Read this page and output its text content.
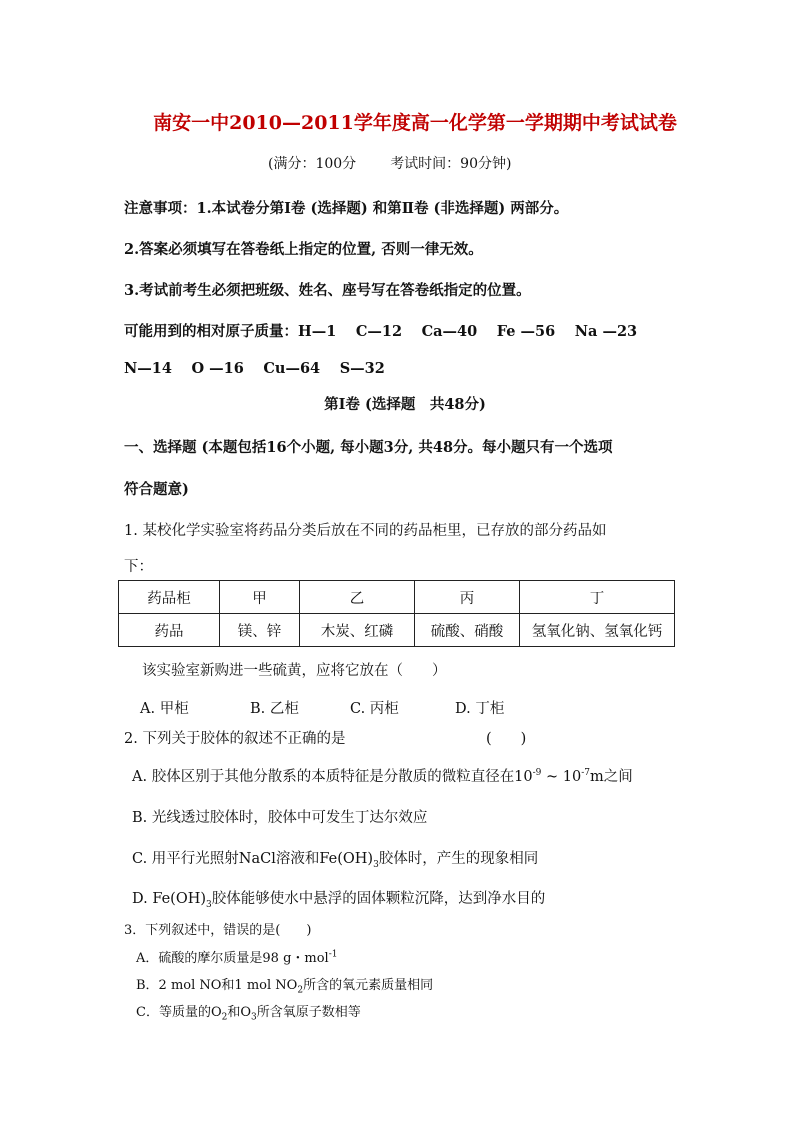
南安一中2010—2011学年度高一化学第一学期期中考试试卷
(满分：100分 考试时间：90分钟)
注意事项：1.本试卷分第Ⅰ卷 (选择题) 和第Ⅱ卷 (非选择题) 两部分。
2.答案必须填写在答卷纸上指定的位置, 否则一律无效。
3.考试前考生必须把班级、姓名、座号写在答卷纸指定的位置。
可能用到的相对原子质量：H—1　 C—12　 Ca—40　 Fe —56　 Na —23
N—14　 O —16　 Cu—64　 S—32
第Ⅰ卷 (选择题　共48分)
一、选择题 (本题包括16个小题, 每小题3分, 共48分。每小题只有一个选项
符合题意)
1. 某校化学实验室将药品分类后放在不同的药品柜里，已存放的部分药品如
下：
药品柜	甲	乙	丙	丁
药品	镁、锌	木炭、红磷	硫酸、硝酸	氢氧化钠、氢氧化钙
该实验室新购进一些硫黄，应将它放在（　　）
A. 甲柜	B. 乙柜	C. 丙柜	D. 丁柜
2. 下列关于胶体的叙述不正确的是	(　　)
A. 胶体区别于其他分散系的本质特征是分散质的微粒直径在$10^{-9}$ ~ $10^{-7}m$之间
B. 光线透过胶体时，胶体中可发生丁达尔效应
C. 用平行光照射NaCl溶液和$Fe(OH)_3$胶体时，产生的现象相同
D. $Fe(OH)_3$胶体能够使水中悬浮的固体颗粒沉降，达到净水目的
3．下列叙述中，错误的是(　　)
A．硫酸的摩尔质量是98 g・mol$^{-1}$
B．2 mol NO和1 mol $NO_2$所含的氧元素质量相同
C．等质量的$O_2$和$O_3$所含氧原子数相等
